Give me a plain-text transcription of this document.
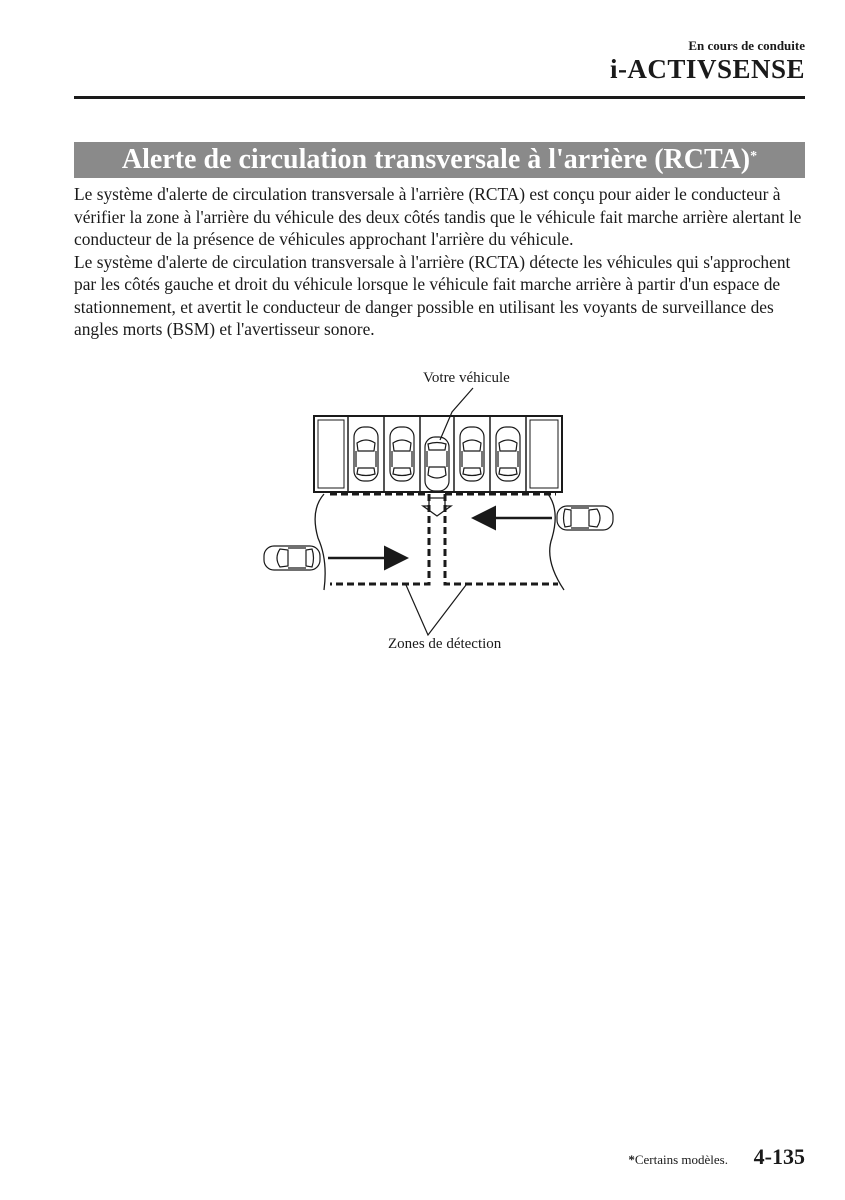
En cours de conduite
i-ACTIVSENSE
Alerte de circulation transversale à l'arrière (RCTA)*

Le système d'alerte de circulation transversale à l'arrière (RCTA) est conçu pour aider le conducteur à vérifier la zone à l'arrière du véhicule des deux côtés tandis que le véhicule fait marche arrière alertant le conducteur de la présence de véhicules approchant l'arrière du véhicule.

Le système d'alerte de circulation transversale à l'arrière (RCTA) détecte les véhicules qui s'approchent par les côtés gauche et droit du véhicule lorsque le véhicule fait marche arrière à partir d'un espace de stationnement, et avertit le conducteur de danger possible en utilisant les voyants de surveillance des angles morts (BSM) et l'avertisseur sonore.

Votre véhicule
Zones de détection
*Certains modèles. 4-135
